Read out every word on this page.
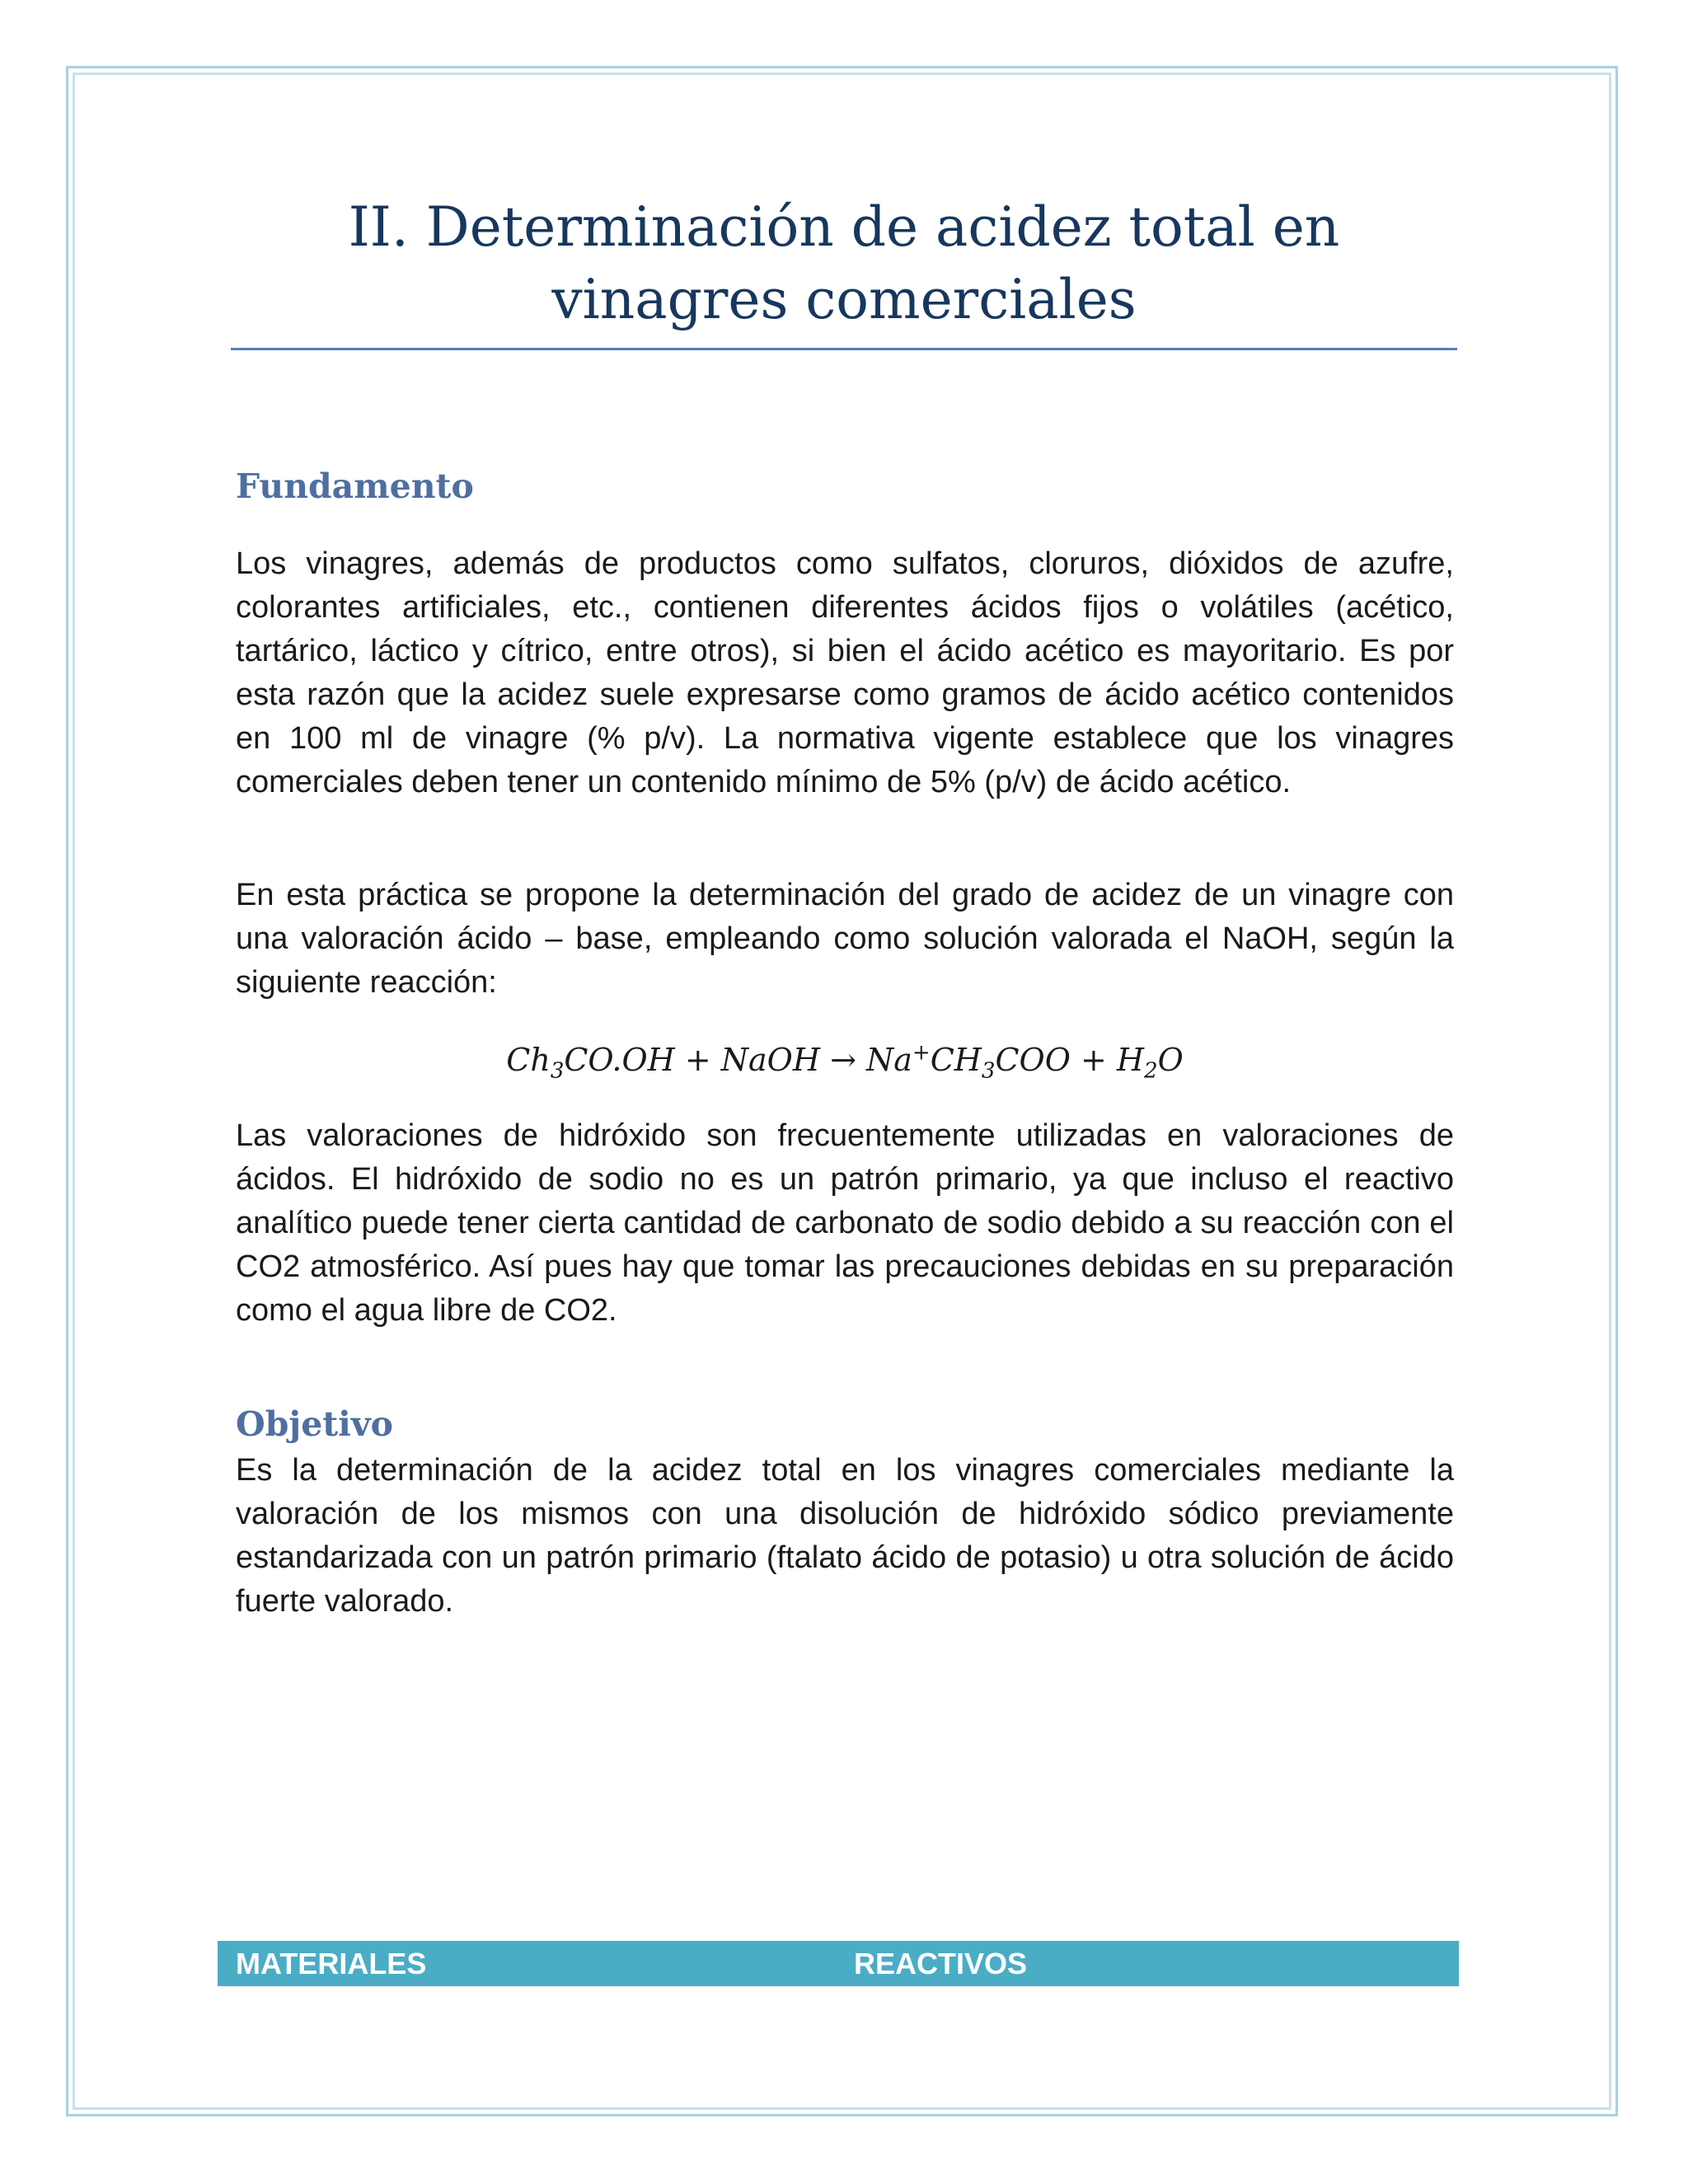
II. Determinación de acidez total en vinagres comerciales
Fundamento

Los vinagres, además de productos como sulfatos, cloruros, dióxidos de azufre, colorantes artificiales, etc., contienen diferentes ácidos fijos o volátiles (acético, tartárico, láctico y cítrico, entre otros), si bien el ácido acético es mayoritario. Es por esta razón que la acidez suele expresarse como gramos de ácido acético contenidos en 100 ml de vinagre (% p/v). La normativa vigente establece que los vinagres comerciales deben tener un contenido mínimo de 5% (p/v) de ácido acético.

En esta práctica se propone la determinación del grado de acidez de un vinagre con una valoración ácido – base, empleando como solución valorada el NaOH, según la siguiente reacción:

$Ch_3CO.OH$ + NaOH → $Na^+CH_3COO + H_2O$

Las valoraciones de hidróxido son frecuentemente utilizadas en valoraciones de ácidos. El hidróxido de sodio no es un patrón primario, ya que incluso el reactivo analítico puede tener cierta cantidad de carbonato de sodio debido a su reacción con el CO2 atmosférico. Así pues hay que tomar las precauciones debidas en su preparación como el agua libre de CO2.

Objetivo

Es la determinación de la acidez total en los vinagres comerciales mediante la valoración de los mismos con una disolución de hidróxido sódico previamente estandarizada con un patrón primario (ftalato ácido de potasio) u otra solución de ácido fuerte valorado.

MATERIALES	REACTIVOS
